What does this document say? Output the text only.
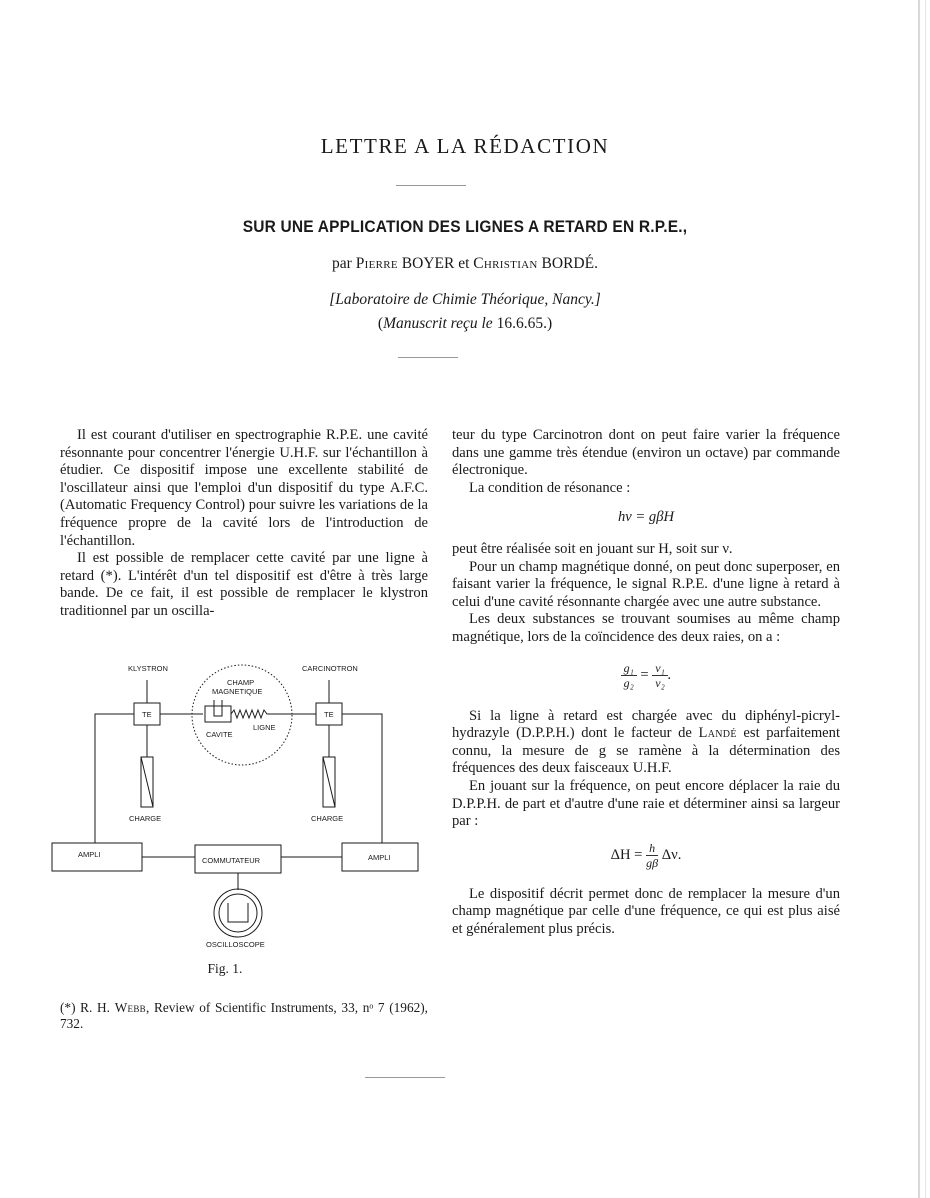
LETTRE A LA RÉDACTION
SUR UNE APPLICATION DES LIGNES A RETARD EN R.P.E.,
par Pierre BOYER et Christian BORDÉ.
[Laboratoire de Chimie Théorique, Nancy.]
(Manuscrit reçu le 16.6.65.)

Il est courant d'utiliser en spectrographie R.P.E. une cavité résonnante pour concentrer l'énergie U.H.F. sur l'échantillon à étudier. Ce dispositif impose une excellente stabilité de l'oscillateur ainsi que l'emploi d'un dispositif du type A.F.C. (Automatic Frequency Control) pour suivre les variations de la fréquence propre de la cavité lors de l'introduction de l'échantillon.

Il est possible de remplacer cette cavité par une ligne à retard (*). L'intérêt d'un tel dispositif est d'être à très large bande. De ce fait, il est possible de remplacer le klystron traditionnel par un oscilla-

KLYSTRON	CARCINOTRON
CHAMP
MAGNETIQUE
TE	TE
CAVITE
LIGNE
CHARGE	CHARGE
AMPLI	AMPLI
COMMUTATEUR
OSCILLOSCOPE
Fig. 1.
(*) R. H. Webb, Review of Scientific Instruments, 33, nᵒ 7 (1962), 732.

teur du type Carcinotron dont on peut faire varier la fréquence dans une gamme très étendue (environ un octave) par commande électronique.

La condition de résonance :

hν = gβH

peut être réalisée soit en jouant sur H, soit sur ν.

Pour un champ magnétique donné, on peut donc superposer, en faisant varier la fréquence, le signal R.P.E. d'une ligne à retard à celui d'une cavité résonnante chargée avec une autre substance.

Les deux substances se trouvant soumises au même champ magnétique, lors de la coïncidence des deux raies, on a :

$\frac{\text{g₁}}{\text{g₂}} = \frac{\text{ν₁}}{\text{ν₂}}$ .

Si la ligne à retard est chargée avec du diphényl-picryl-hydrazyle (D.P.P.H.) dont le facteur de Landé est parfaitement connu, la mesure de g se ramène à la détermination des fréquences des deux faisceaux U.H.F.

En jouant sur la fréquence, on peut encore déplacer la raie du D.P.P.H. de part et d'autre d'une raie et déterminer ainsi sa largeur par :

$\Delta H = \frac{h}{g\beta} \Delta\nu$.

Le dispositif décrit permet donc de remplacer la mesure d'un champ magnétique par celle d'une fréquence, ce qui est plus aisé et généralement plus précis.
